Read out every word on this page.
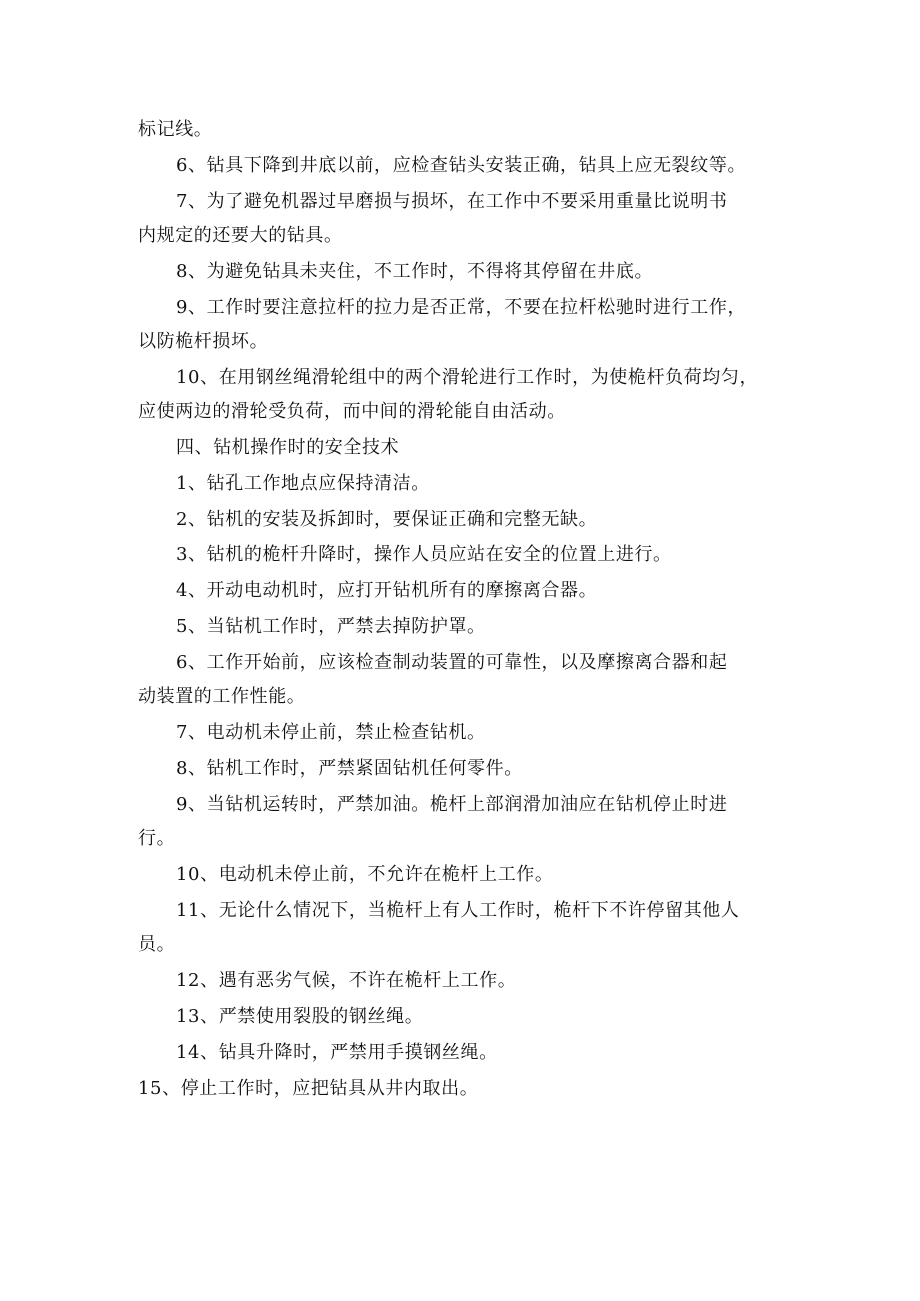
标记线。
6、钻具下降到井底以前，应检查钻头安装正确，钻具上应无裂纹等。
7、为了避免机器过早磨损与损坏，在工作中不要采用重量比说明书
内规定的还要大的钻具。
8、为避免钻具未夹住，不工作时，不得将其停留在井底。
9、工作时要注意拉杆的拉力是否正常，不要在拉杆松驰时进行工作，
以防桅杆损坏。
10、在用钢丝绳滑轮组中的两个滑轮进行工作时，为使桅杆负荷均匀，
应使两边的滑轮受负荷，而中间的滑轮能自由活动。
四、钻机操作时的安全技术
1、钻孔工作地点应保持清洁。
2、钻机的安装及拆卸时，要保证正确和完整无缺。
3、钻机的桅杆升降时，操作人员应站在安全的位置上进行。
4、开动电动机时，应打开钻机所有的摩擦离合器。
5、当钻机工作时，严禁去掉防护罩。
6、工作开始前，应该检查制动装置的可靠性，以及摩擦离合器和起
动装置的工作性能。
7、电动机未停止前，禁止检查钻机。
8、钻机工作时，严禁紧固钻机任何零件。
9、当钻机运转时，严禁加油。桅杆上部润滑加油应在钻机停止时进
行。
10、电动机未停止前，不允许在桅杆上工作。
11、无论什么情况下，当桅杆上有人工作时，桅杆下不许停留其他人
员。
12、遇有恶劣气候，不许在桅杆上工作。
13、严禁使用裂股的钢丝绳。
14、钻具升降时，严禁用手摸钢丝绳。
15、停止工作时，应把钻具从井内取出。
